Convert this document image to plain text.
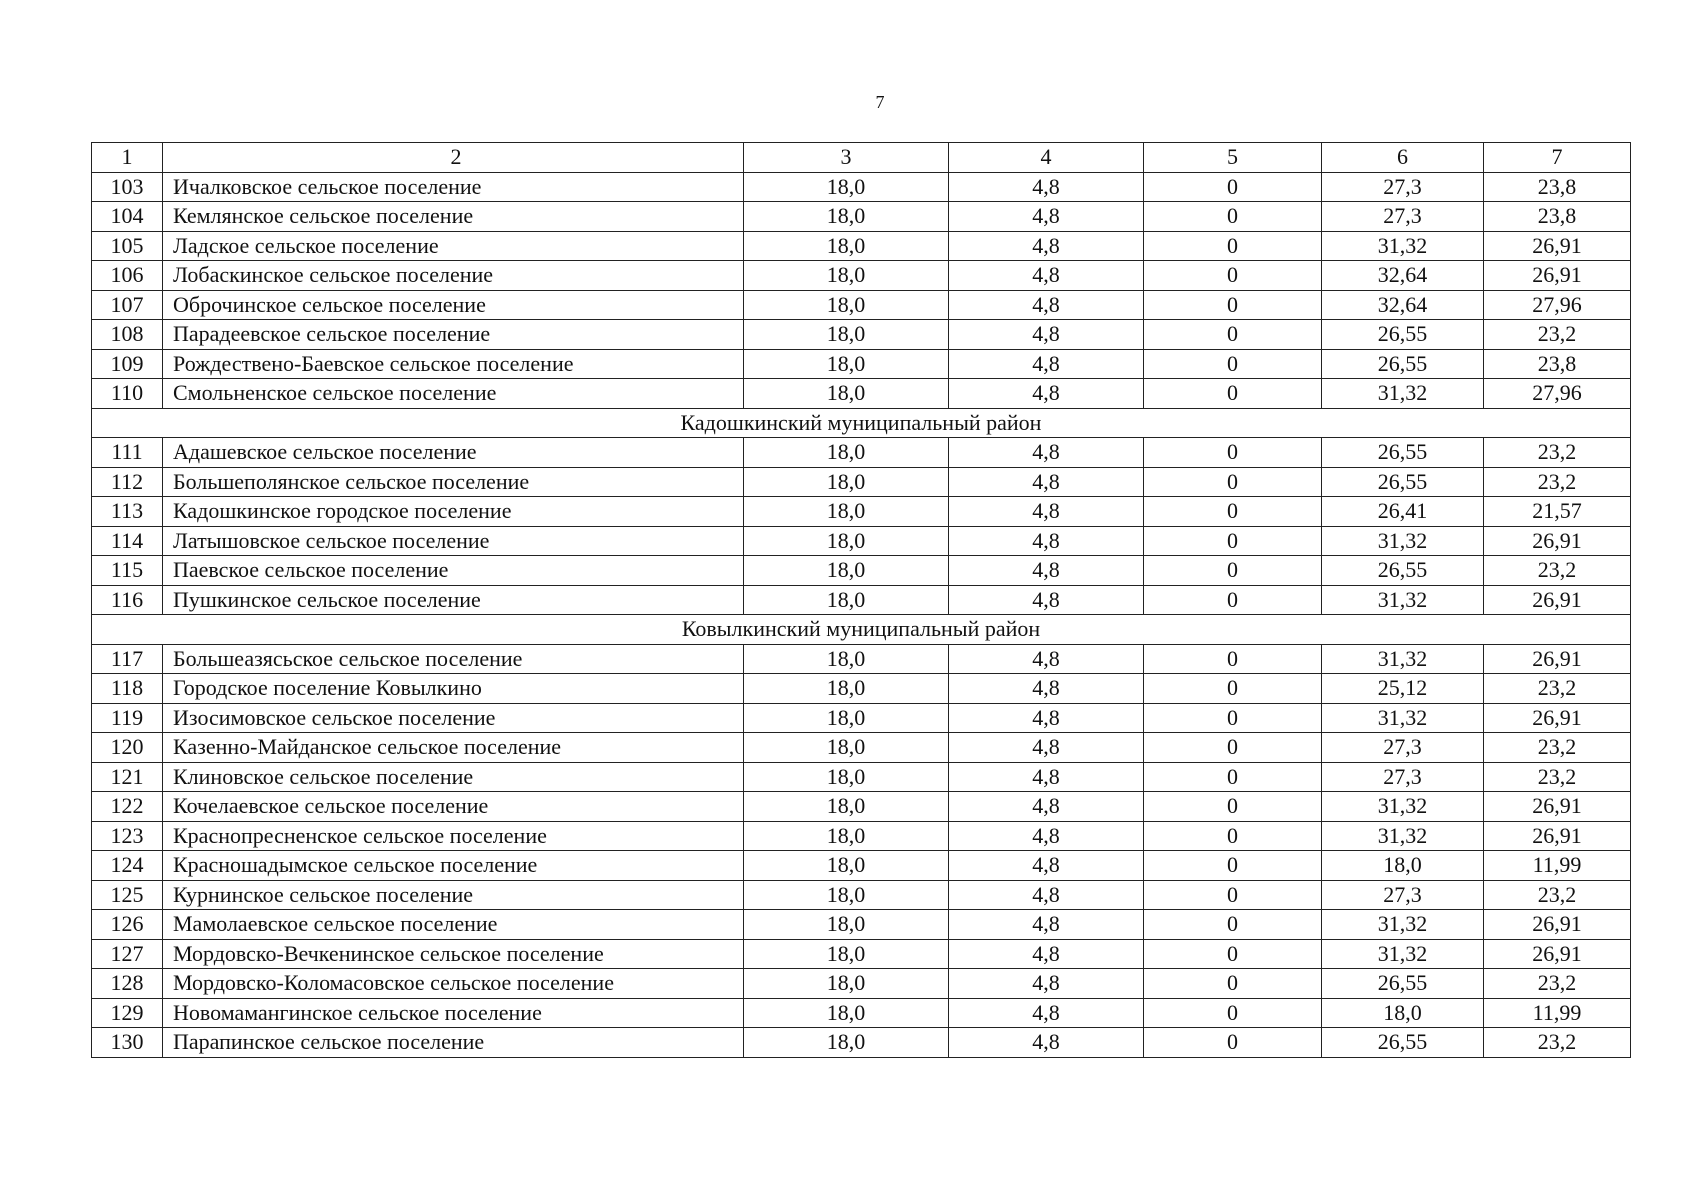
7
1	2	3	4	5	6	7
103	Ичалковское сельское поселение	18,0	4,8	0	27,3	23,8
104	Кемлянское сельское поселение	18,0	4,8	0	27,3	23,8
105	Ладское сельское поселение	18,0	4,8	0	31,32	26,91
106	Лобаскинское сельское поселение	18,0	4,8	0	32,64	26,91
107	Оброчинское сельское поселение	18,0	4,8	0	32,64	27,96
108	Парадеевское сельское поселение	18,0	4,8	0	26,55	23,2
109	Рождествено-Баевское сельское поселение	18,0	4,8	0	26,55	23,8
110	Смольненское сельское поселение	18,0	4,8	0	31,32	27,96
Кадошкинский муниципальный район						
111	Адашевское сельское поселение	18,0	4,8	0	26,55	23,2
112	Большеполянское сельское поселение	18,0	4,8	0	26,55	23,2
113	Кадошкинское городское поселение	18,0	4,8	0	26,41	21,57
114	Латышовское сельское поселение	18,0	4,8	0	31,32	26,91
115	Паевское сельское поселение	18,0	4,8	0	26,55	23,2
116	Пушкинское сельское поселение	18,0	4,8	0	31,32	26,91
Ковылкинский муниципальный район						
117	Большеазясьское сельское поселение	18,0	4,8	0	31,32	26,91
118	Городское поселение Ковылкино	18,0	4,8	0	25,12	23,2
119	Изосимовское сельское поселение	18,0	4,8	0	31,32	26,91
120	Казенно-Майданское сельское поселение	18,0	4,8	0	27,3	23,2
121	Клиновское сельское поселение	18,0	4,8	0	27,3	23,2
122	Кочелаевское сельское поселение	18,0	4,8	0	31,32	26,91
123	Краснопресненское сельское поселение	18,0	4,8	0	31,32	26,91
124	Красношадымское сельское поселение	18,0	4,8	0	18,0	11,99
125	Курнинское сельское поселение	18,0	4,8	0	27,3	23,2
126	Мамолаевское сельское поселение	18,0	4,8	0	31,32	26,91
127	Мордовско-Вечкенинское сельское поселение	18,0	4,8	0	31,32	26,91
128	Мордовско-Коломасовское сельское поселение	18,0	4,8	0	26,55	23,2
129	Новомамангинское сельское поселение	18,0	4,8	0	18,0	11,99
130	Парапинское сельское поселение	18,0	4,8	0	26,55	23,2
